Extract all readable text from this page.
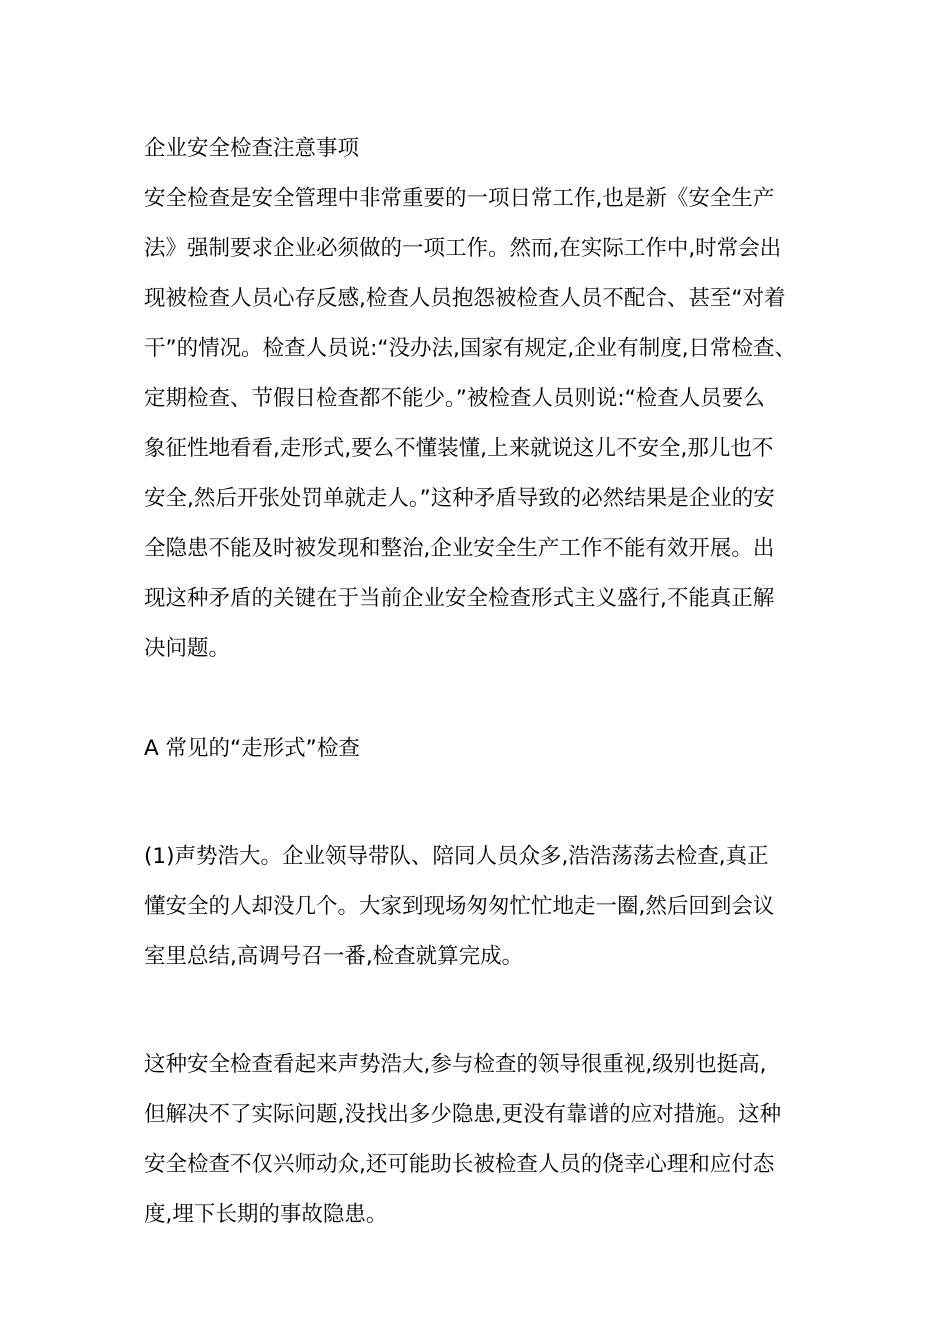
企业安全检查注意事项
安全检查是安全管理中非常重要的一项日常工作,也是新《安全生产
法》强制要求企业必须做的一项工作。然而,在实际工作中,时常会出
现被检查人员心存反感,检查人员抱怨被检查人员不配合、甚至“对着
干”的情况。检查人员说:“没办法,国家有规定,企业有制度,日常检查、
定期检查、节假日检查都不能少。”被检查人员则说:“检查人员要么
象征性地看看,走形式,要么不懂装懂,上来就说这儿不安全,那儿也不
安全,然后开张处罚单就走人。”这种矛盾导致的必然结果是企业的安
全隐患不能及时被发现和整治,企业安全生产工作不能有效开展。出
现这种矛盾的关键在于当前企业安全检查形式主义盛行,不能真正解
决问题。
A 常见的“走形式”检查
(1)声势浩大。企业领导带队、陪同人员众多,浩浩荡荡去检查,真正
懂安全的人却没几个。大家到现场匆匆忙忙地走一圈,然后回到会议
室里总结,高调号召一番,检查就算完成。
这种安全检查看起来声势浩大,参与检查的领导很重视,级别也挺高,
但解决不了实际问题,没找出多少隐患,更没有靠谱的应对措施。这种
安全检查不仅兴师动众,还可能助长被检查人员的侥幸心理和应付态
度,埋下长期的事故隐患。
